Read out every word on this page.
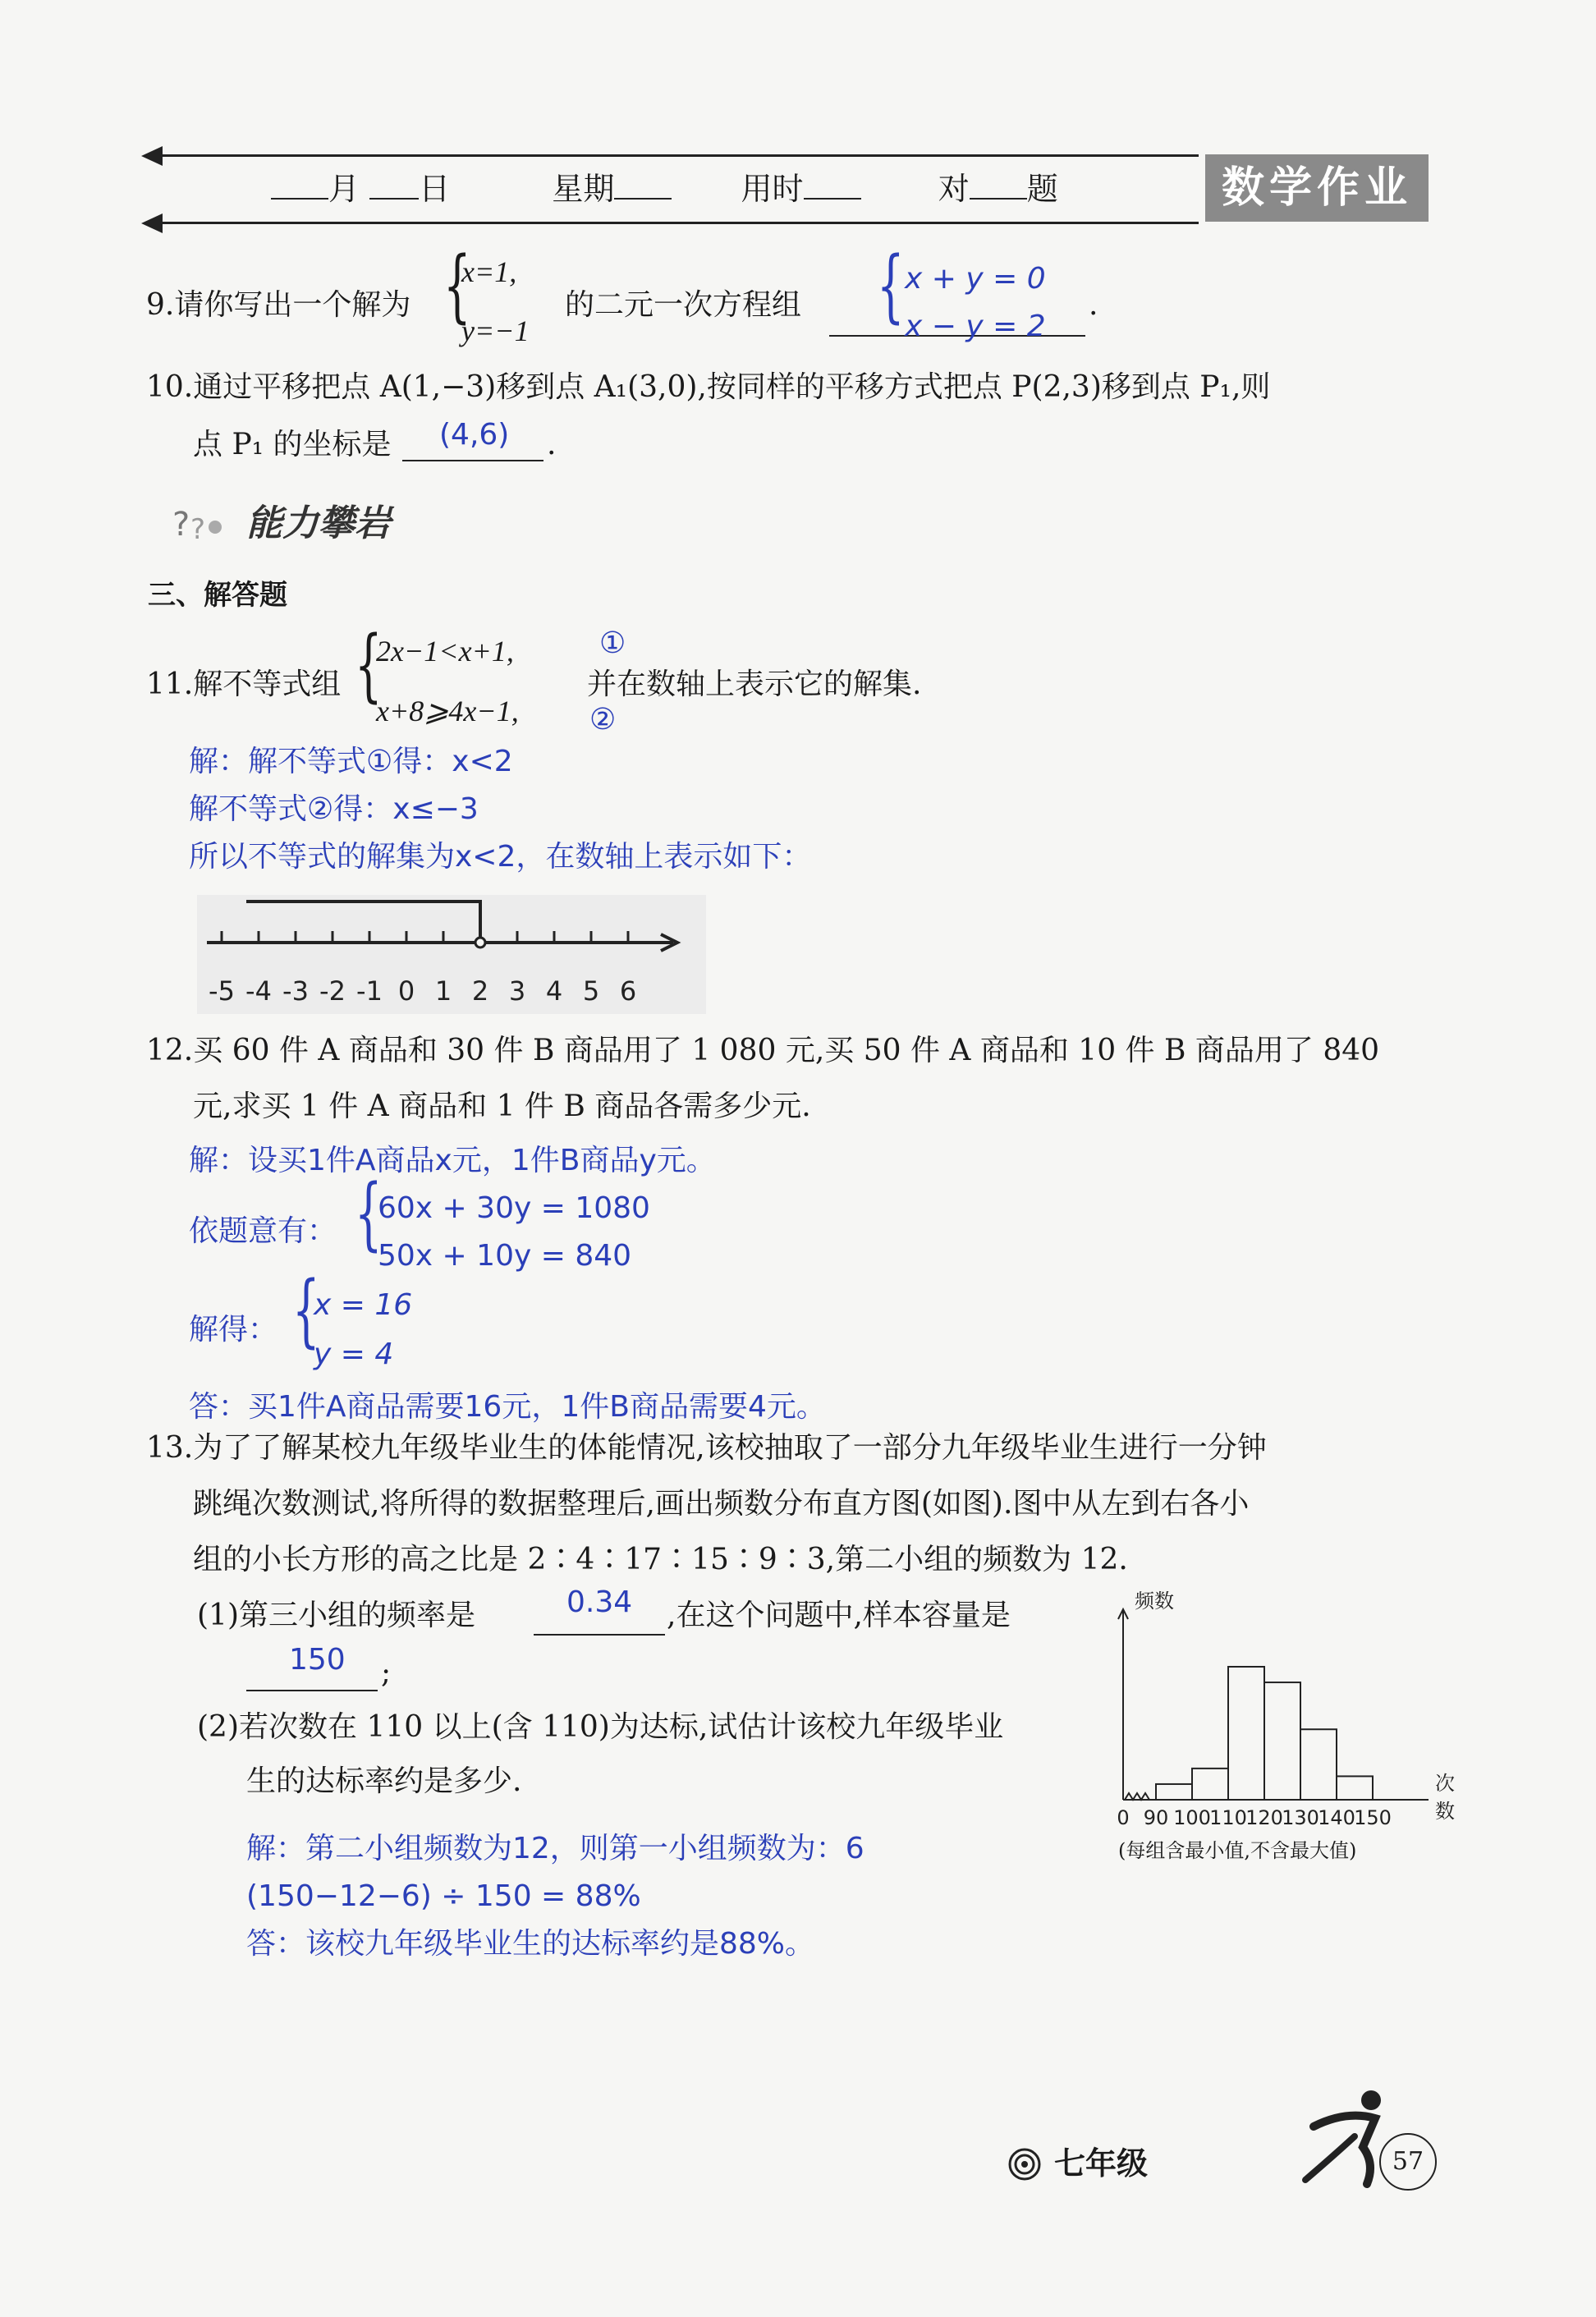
月 日	星期	用时	对 题	数学作业
9.请你写出一个解为 {
x=1,
y=−1
的二元一次方程组 { x + y = 0
x − y = 2
.
10.通过平移把点 A(1,−3)移到点 A₁(3,0),按同样的平移方式把点 P(2,3)移到点 P₁,则
点 P₁ 的坐标是 (4,6) .
? ? 能力攀岩
三、解答题
11.解不等式组 {
2x−1<x+1,
x+8⩾4x−1,
①
②
并在数轴上表示它的解集.
解：解不等式①得：x<2
解不等式②得：x≤−3
所以不等式的解集为x<2，在数轴上表示如下：
-5 -4 -3 -2 -1 0 1 2 3 4 5 6
12.买 60 件 A 商品和 30 件 B 商品用了 1 080 元,买 50 件 A 商品和 10 件 B 商品用了 840
元,求买 1 件 A 商品和 1 件 B 商品各需多少元.
解：设买1件A商品x元，1件B商品y元。
依题意有： {
60x + 30y = 1080
50x + 10y = 840
解得： {
x = 16
y = 4
答：买1件A商品需要16元，1件B商品需要4元。
13.为了了解某校九年级毕业生的体能情况,该校抽取了一部分九年级毕业生进行一分钟
跳绳次数测试,将所得的数据整理后,画出频数分布直方图(如图).图中从左到右各小
组的小长方形的高之比是 2∶4∶17∶15∶9∶3,第二小组的频数为 12.
(1)第三小组的频率是	0.34 ,在这个问题中,样本容量是
150 ;
(2)若次数在 110 以上(含 110)为达标,试估计该校九年级毕业
生的达标率约是多少.
解：第二小组频数为12，则第一小组频数为：6
(150−12−6) ÷ 150 = 88%
答：该校九年级毕业生的达标率约是88%。
频数
次
数
0 90 100
110
120
130
140
150
(每组含最小值,不含最大值)
七年级	57
